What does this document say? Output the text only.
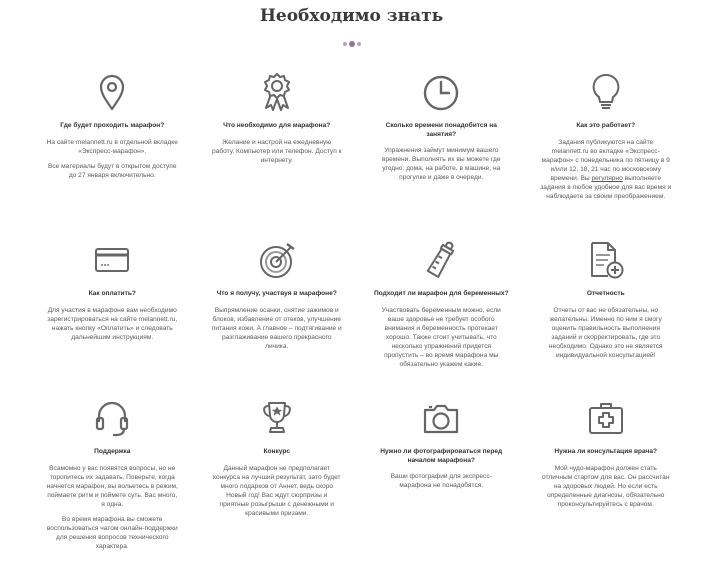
Необходимо знать
Где будет проходить марафон?
На сайте melannett.ru в отдельной вкладке «Экспресс-марафон».
Все материалы будут в открытом доступе до 27 января включительно.
Что необходимо для марафона?
Желание и настрой на ежедневную работу. Компьютер или телефон. Доступ к интернету.
Сколько времени понадобится на занятия?
Упражнения займут минимум вашего времени. Выполнять их вы можете где угодно: дома, на работе, в машине, на прогулке и даже в очереди.
Как это работает?
Задания публикуются на сайте melannett.ru во вкладке «Экспресс-марафон» с понедельника по пятницу в 9 и/или 12, 18, 21 час по московскому времени. Вы регулярно выполняете задания в любое удобное для вас время и наблюдаете за своим преображением.
Как оплатить?
Для участия в марафоне вам необходимо зарегистрироваться на сайте melannett.ru, нажать кнопку «Оплатить» и следовать дальнейшим инструкциям.
Что я получу, участвуя в марафоне?
Выпрямление осанки, снятие зажимов и блоков, избавление от отеков, улучшение питания кожи. А главное – подтягивание и разглаживание вашего прекрасного личика.
Подходит ли марафон для беременных?
Участвовать беременным можно, если ваше здоровье не требует особого внимания и беременность протекает хорошо. Также стоит учитывать, что несколько упражнений придется пропустить – во время марафона мы обязательно укажем какие.
Отчетность
Отчеты от вас не обязательны, но желательны. Именно по ним я смогу оценить правильность выполнения заданий и скорректировать, где это необходимо. Однако это не является индивидуальной консультацией!
Поддержка
Всамомно у вас появятся вопросы, но не торопитесь их задавать. Поверьте, когда начнется марафон, вы вольетесь в режим, поймаете ритм и поймете суть. Вас много, я одна.
Во время марафона вы сможете воспользоваться чатом онлайн-поддержки для решения вопросов технического характера.
Конкурс
Данный марафон не предполагает конкурса на лучший результат, зато будет много подарков от Аннет, ведь скоро Новый год! Вас ждут сюрпризы и приятные розыгрыши с денежными и красивыми призами.
Нужно ли фотографироваться перед началом марафона?
Ваши фотографии для экспресс-марафона не понадобятся.
Нужна ли консультация врача?
Мой чудо-марафон должен стать отличным стартом для вас. Он рассчитан на здоровых людей. Но если есть определенные диагнозы, обязательно проконсультируйтесь с врачом.
